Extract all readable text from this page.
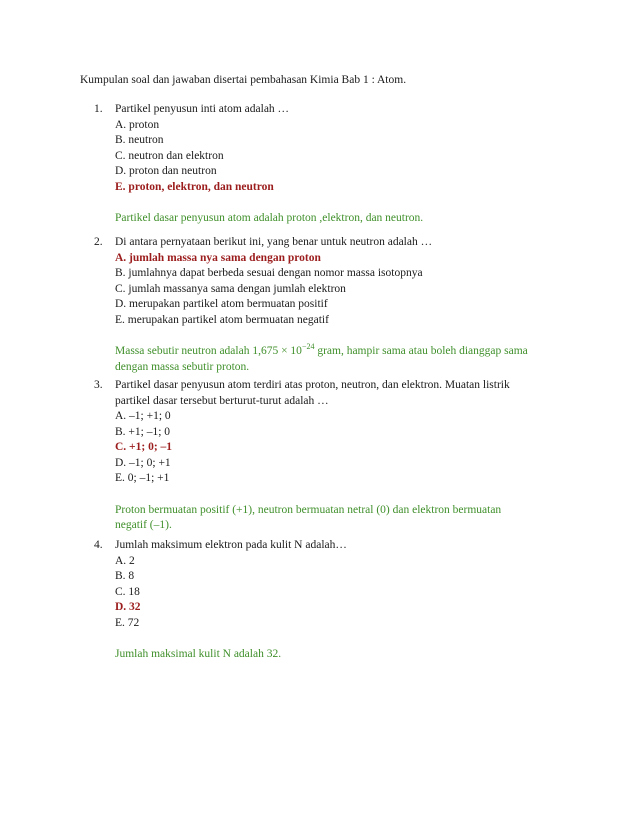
Kumpulan soal dan jawaban disertai pembahasan Kimia Bab 1 : Atom.
1. Partikel penyusun inti atom adalah …
A. proton
B. neutron
C. neutron dan elektron
D. proton dan neutron
E. proton, elektron, dan neutron
Partikel dasar penyusun atom adalah proton ,elektron, dan neutron.
2. Di antara pernyataan berikut ini, yang benar untuk neutron adalah …
A. jumlah massa nya sama dengan proton
B. jumlahnya dapat berbeda sesuai dengan nomor massa isotopnya
C. jumlah massanya sama dengan jumlah elektron
D. merupakan partikel atom bermuatan positif
E. merupakan partikel atom bermuatan negatif
Massa sebutir neutron adalah $1,675 \times 10^{-24}$ gram, hampir sama atau boleh dianggap sama
dengan massa sebutir proton.
3. Partikel dasar penyusun atom terdiri atas proton, neutron, dan elektron. Muatan listrik
partikel dasar tersebut berturut-turut adalah …
A. –1; +1; 0
B. +1; –1; 0
C. +1; 0; –1
D. –1; 0; +1
E. 0; –1; +1
Proton bermuatan positif (+1), neutron bermuatan netral (0) dan elektron bermuatan
negatif (–1).
4. Jumlah maksimum elektron pada kulit N adalah…
A. 2
B. 8
C. 18
D. 32
E. 72
Jumlah maksimal kulit N adalah 32.
